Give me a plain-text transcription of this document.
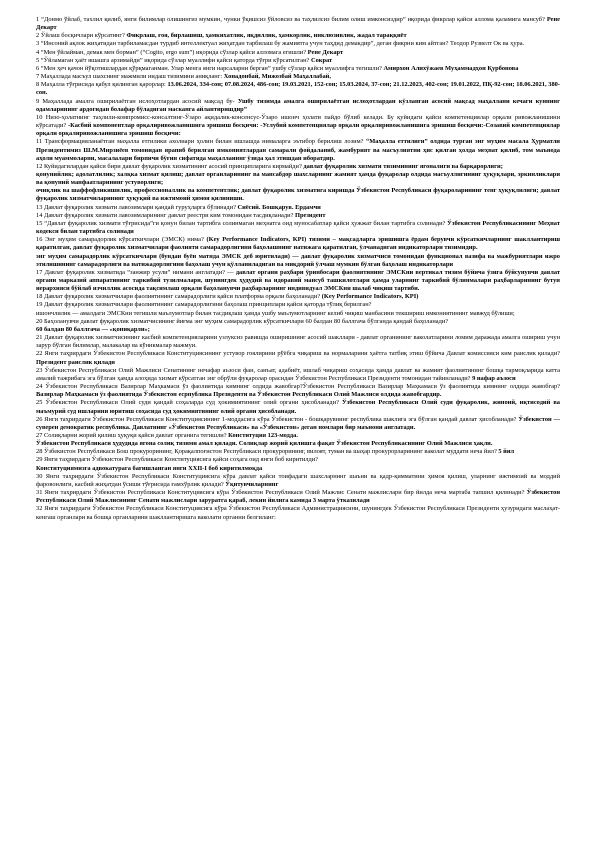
1 “Донмо ўйлаб, тахлил қилиб, янги билимлар олишингиз мумкин, чунки ўқишсиз ўйловсиз ва таҳлилсиз билим олиш имконсиздир” иқорида фикрлар қайси аллома қаламига мансуб? Рене Декарт

2 Ўйлаш босқичлари кўрсатинг? Фикрлаш, ғоя, бирлашиш, ҳамкихатлик, яқдиллик, ҳамкорлик, инклюзивлик, жадал тараққиёт

3 “Инсоний ақлок жиҳатидан тарбиламасдан турдиб интеллектуал жиҳатдан тарбилаш бу жамиятга учун таҳдид демакдир”, деган фикрни ким айтган? Теодор Рузвелт Ок ва ҳура.

4 “Мен ўйлайман, демак мен борман” (“Cogito, ergo sum”) иқорида сўзлар қайси алломага егишли? Рене Декарт

5 “Ўйламаган ҳаёт яшашга арзимайди” иқорида сўзлар муаллифи қайси қаторда тўғри кўрсатилган? Сократ

6 “Мен ҳеч қачон йўқотишлардан қўрқмаганман. Улар менга янги нарсаларни берган” ушбу сўзлар қайси муаллифга тегишли? Амирхон Алихўжаев Муҳаммадҳон Қурбонова

7 Маҳаллада масъул шахснинг мажмили нидаш тизимини аниқланг: Хонадонбай, Мижозбай Маҳаллабай,

8 Маҳалла тўғрисида қабул қилинган қарорлар: 13.06.2024, 334-сон; 07.08.2024, 486-сон; 19.03.2021, 152-сон; 15.03.2024, 37-сон; 21.12.2023, 402-сон; 19.01.2022, ПҚ-92-сон; 18.06.2021, 380-сон.

9 Маҳаллада амалга оширилаётган ислоҳотлардан асосий мақсад бу- Ушбу тизимда амалга оширилаётган ислоҳотлардан кўзланган асосий мақсад маҳаллани кечаги куннинг одамларининг ардоғидан болафар бўладиган масканга айлантиришдир”

10 Низо-ҳолатнинг таҳлили-компромисс-консалтинг-Ўзаро ақидалик-консенсус-Ўзаро ишонч ҳолати пайдо бўлиб келади. Бу қуйидаги қайси компетенциялар орқали ривожланишини кўрсатади? -Касбий компонентлар орқалиривожланишига эришиш босқичи: -Услубий компетенциялар орқали орқалиривожланишига эришиш босқичи:-Созавий компетенциялар орқали орқалиривожланишига эришиш босқичи:

11 Трансформацияланаётган маҳалла етгилики ахолиари ҳолин билан ишлашда нималарга эътибор берилиш лозим? “Маҳалла еттилиги” олдида турган энг муҳим масала Ҳурматли Президентимиз Ш.М.Мирзиёев томонидан ярапиб берилган имкониятлардан самарали фойдаланиб, жамбурият ва масъулиятни ҳис қилган ҳолда меҳнат қилиб, том маънода аҳоли муаммоларни, масалалари бирпичи бўғин сифатида маҳаллаиннг ўзида ҳал этишдан иборатдир.

12 Куйидагилардан қайси бири давлат фуқаролик хизматининг асосий принципларига кирмайди? давлат фуқаролик хизмати тизимининг ягоналиги ва барқарорлиги;

қонунийлик; адолатлилик; халқка хизмат қилиш; давлат органларининг ва мансабдор шахсларнинг жамият ҳамда фуқаролар олдида масъуллигининг ҳуқуқлари, эркинликлари ва қонуний манфаатларининг устуворлиги;

очиқлик ва шаффофликишилик, профессионаллик ва компетентлик; давлат фуқаролик хизматига киришда Ўзбекистон Республикаси фуқароларининг тенг ҳуқуқлилиги; давлат фуқаролик хизматчиларининг ҳуқуқий ва ижтимоий ҳимоя қилиниши.

13 Давлат фуқаролик хизмати лавозимлари қандай гуруҳларга бўлинади? Сиёсий. Бошқарув. Ердамчи

14 Давлат фуқаролик хизмати лавозимларининг давлат реестри ким томонидан тасдиқланади? Президент

15 “Давлат фуқаролик хизмати тўғрисида”ги қонун билан тартибга солинмаган меҳнатга оид муносабатлар қайси ҳужжат билан тартибга солинади? Ўзбекистон Республикасининг Меҳнат кодекси билан тартибга солинади

16 Энг муҳим самарадорлик кўрсаткичлари (ЭМСК) нима? (Key Performance Indicators, KPI) тизими – мақсадларга эришишга ёрдам берувчи кўрсаткичларнинг шакллантириш қаратилган, давлат фуқаролик хизматчилари фаолияти самарадорлигини баҳолашнинг натижага қаратилган, ўлчанадиган индикаторлари тизимидир.

энг муҳим самарадорлик кўрсаткичлари (бундан буён матнда ЭМСК деб юритилади) — давлат фуқаролик хизматчиси томонидан функционал вазифа ва мажбуриятлари ижро этилишининг самарадорлиги ва натижадорлигини баҳолаш учун қўлланиладиган ва миқдорий ўлчаш мумкин бўлган баҳолаш индикаторлари

17 Давлат фуқаролик хизматида “занжир усули” нимани англатади? — давлат органи раҳбари ўринбосари фаолиятининг ЭМСКни вертикал тизим бўйича ўзига бўйсунувчи давлат органи марказий аппаратининг таркибий тузилмалари, шунингдек ҳудудий ва идоравий мансуб ташкилотлари ҳамда уларнинг таркибий бўлинмалари раҳбарларининг бутун иерархияси бўйлаб изчиллик асосида тақсимлаш орқали баҳоланувчи раҳбарларнинг индивидуал ЭМСКни шалаб чиқиш тартиби.

18 Давлат фуқаролик хизматчилари фаолиятининг самарадорлиги қайси платформа орқали баҳоланади? (Key Performance Indicators, KPI)

19 Давлат фуқаролик хизматчилари фаолиятининг самарадорлигини баҳолаш принциплари қайси қаторда тўлиқ берилган?

ишончлилик — амалдаги ЭМСКни тегишли маълумотлар билан тасдиқлаш ҳамда ушбу маълумотларнинг келиб чиқиш манбасини текшириш имкониятининг мавжуд бўлиши;

20 Баҳоланувчи давлат фуқаролик хизматчисининг йиғма энг муҳим самарадорлик кўрсаткичлари 60 балдан 80 баллгача бўлганда қандай баҳоланади?

60 балдан 80 баллгача — «қониқарли»;

21 Давлат фуқаролик хизматчисининг касбий компетенцияларини узлуксиз равишда оширишнинг асосий шакллари - давлат органининг ваколатларини ломим даражада амалга ошириш учун зарур бўлган билимлар, малакалар ва кўникмалар мажмуи.

22 Янги таҳрирдаги Ўзбекистон Республикаси Конституциясининг устувор гоялирини рўёбга чиқариш ва нормаларини ҳаётга татбиқ этиш бўйича Давлат комиссияси ким раислик қилади? Президент раислик қилади

23 Ўзбекистон Республикаси Олий Мажлиси Сенатининг нечафар аъзоси фан, санъат, адабиёт, ишлаб чиқариш соҳасида ҳамда давлат ва жамият фаолиятининг бошқа тармоқларида катта амалий тажрибага эга бўлган ҳамда алоҳида хизмат кўрсатган энг обрўли фуқаролар орасидан Ўзбекистон Республикаси Президенти томонидан тайинланади? 9 нафар аъзоси

24 Ўзбекистон Республикаси Вазирлар Маҳкамаси ўз фаолиятида кимнинг олдида жавобгар?Ўзбекистон Республикаси Вазирлар Маҳкамаси ўз фаолиятида кимнинг олдида жавобгар? Вазирлар Маҳкамаси ўз фаолиятида Ўзбекистон есрпублика Президенти ва Ўзбекистон Республикаси Олий Мажлиси олдида жавобгардир.

25 Ўзбекистон Республикаси Олий суди қандай соҳаларда суд ҳокимиятининг олий органи ҳисобланади? Ўзбекистон Республикаси Олий суди фуқаролик, жиноий, иқтисодий ва маъмурий суд ишларини юритиш соҳасида суд ҳокимиятининг олий органи ҳисобланади.

26 Янги таҳрирдаги Ўзбекистон Республикаси Конституциясининг 1-моддасига кўра Ўзбекистон - бошқарувнинг республика шаклига эга бўлган қандай давлат ҳисобланади? Ўзбекистон — суверен демократик республика. Давлатнинг «Ўзбекистон Республикаси» ва «Ўзбекистон» деган номлари бир маънони англатади.

27 Солиқларни жорий қилиш ҳуқуқи қайси давлат органига тегишли? Конституция 123-модда.

Ўзбекистон Республикаси ҳудудида ягона солиқ тизими амал қилади. Солиқлар жорий қилишга фақат Ўзбекистон Республикасининг Олий Мажлиси ҳақли.

28 Ўзбекистон Республикаси Бош прокурорининг, Қорақалпоғистон Республикаси прокурорининг, вилоят, туман ва шаҳар прокурорларининг ваколат муддати неча йил? 5 йил

29 Янги таҳрирдаги Ўзбекистон Республикаси Конституциясига қайси соҳага оид янги боб киритилди?

Конституциямизга адвокатурага бағишланган янги XXII-I боб киритилмоқда

30 Янги таҳрирдаги Ўзбекистон Республикаси Конституциясига кўра давлат қайси тоифадаги шахсларнинг шаъни ва қадр-қимматини ҳимоя қилиш, уларнинг ижтимоий ва моддий фаровонлиги, касбий жиҳатдан ўсиши тўғрисида ғамхўрлик қилади? Ўқитувчиларнинг

31 Янги таҳрирдаги Ўзбекистон Республикаси Конституциясига кўра Ўзбекистон Республикаси Олий Мажлис Сенати мажлислари бир йилда неча мартаба тапшил қилинади? Ўзбекистон Республикаси Олий Мажлисининг Сенати мажлислари заруратга қараб, лекин йилига камида 3 марта ўтказилади

32 Янги таҳрирдаги Ўзбекистон Республикаси Конституциясига кўра Ўзбекистон Республикаси Администрациясини, шунингдек Ўзбекистон Республикаси Президенти ҳузуридаги маслаҳат- кенгаш органлари ва бошқа органларини шакллантиришга ваколати органни белгиланг:
